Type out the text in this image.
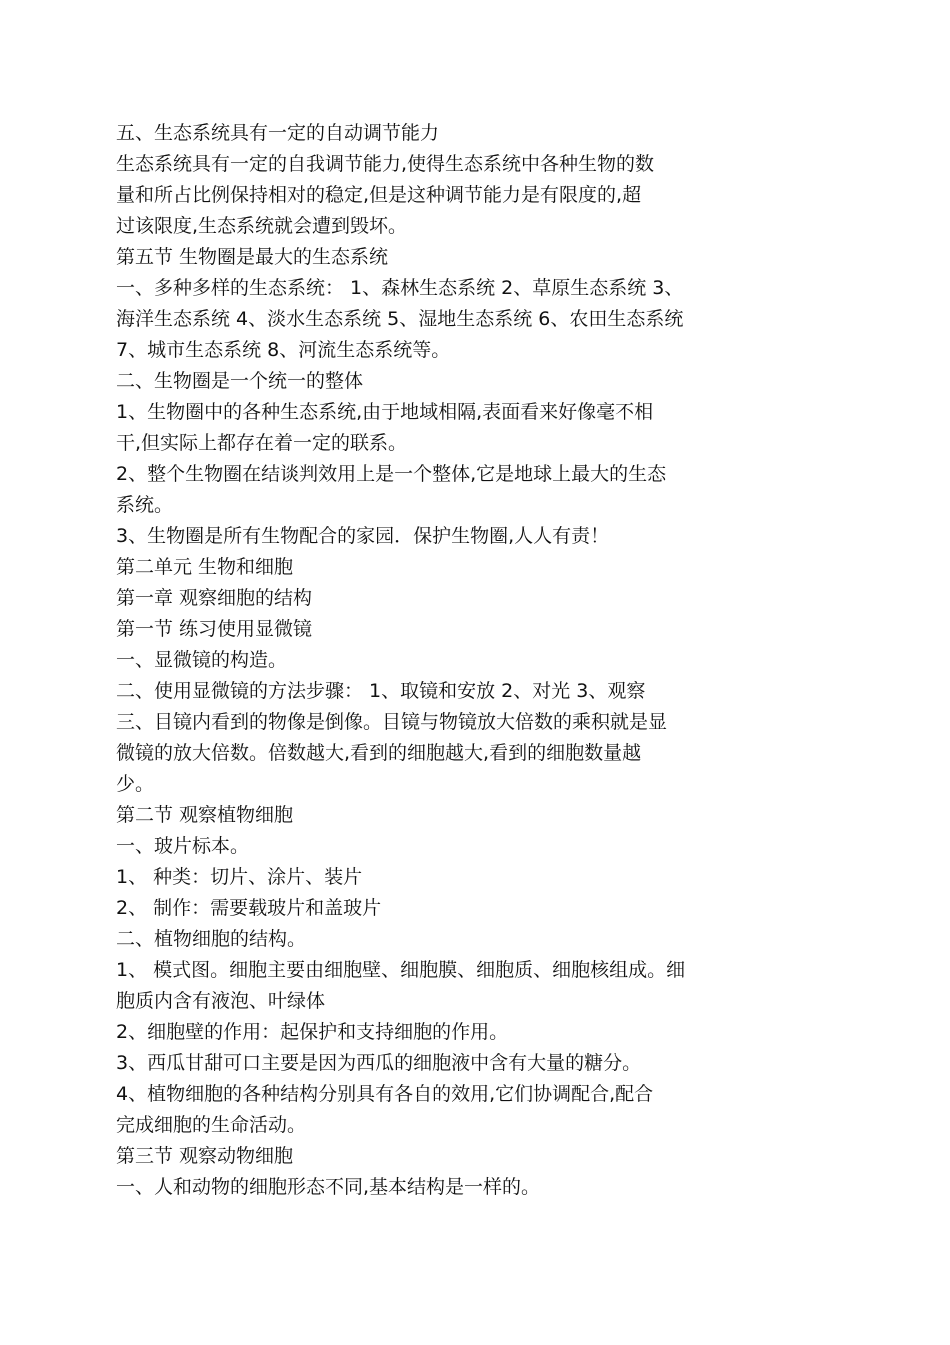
五、生态系统具有一定的自动调节能力
生态系统具有一定的自我调节能力,使得生态系统中各种生物的数
量和所占比例保持相对的稳定,但是这种调节能力是有限度的,超
过该限度,生态系统就会遭到毁坏。
第五节 生物圈是最大的生态系统
一、多种多样的生态系统： 1、森林生态系统 2、草原生态系统 3、
海洋生态系统 4、淡水生态系统 5、湿地生态系统 6、农田生态系统
7、城市生态系统 8、河流生态系统等。
二、生物圈是一个统一的整体
1、生物圈中的各种生态系统,由于地域相隔,表面看来好像毫不相
干,但实际上都存在着一定的联系。
2、整个生物圈在结谈判效用上是一个整体,它是地球上最大的生态
系统。
3、生物圈是所有生物配合的家园．保护生物圈,人人有责！
第二单元 生物和细胞
第一章 观察细胞的结构
第一节 练习使用显微镜
一、显微镜的构造。
二、使用显微镜的方法步骤： 1、取镜和安放 2、对光 3、观察
三、目镜内看到的物像是倒像。目镜与物镜放大倍数的乘积就是显
微镜的放大倍数。倍数越大,看到的细胞越大,看到的细胞数量越
少。
第二节 观察植物细胞
一、玻片标本。
1、 种类：切片、涂片、装片
2、 制作：需要载玻片和盖玻片
二、植物细胞的结构。
1、 模式图。细胞主要由细胞壁、细胞膜、细胞质、细胞核组成。细
胞质内含有液泡、叶绿体
2、细胞壁的作用：起保护和支持细胞的作用。
3、西瓜甘甜可口主要是因为西瓜的细胞液中含有大量的糖分。
4、植物细胞的各种结构分别具有各自的效用,它们协调配合,配合
完成细胞的生命活动。
第三节 观察动物细胞
一、人和动物的细胞形态不同,基本结构是一样的。
